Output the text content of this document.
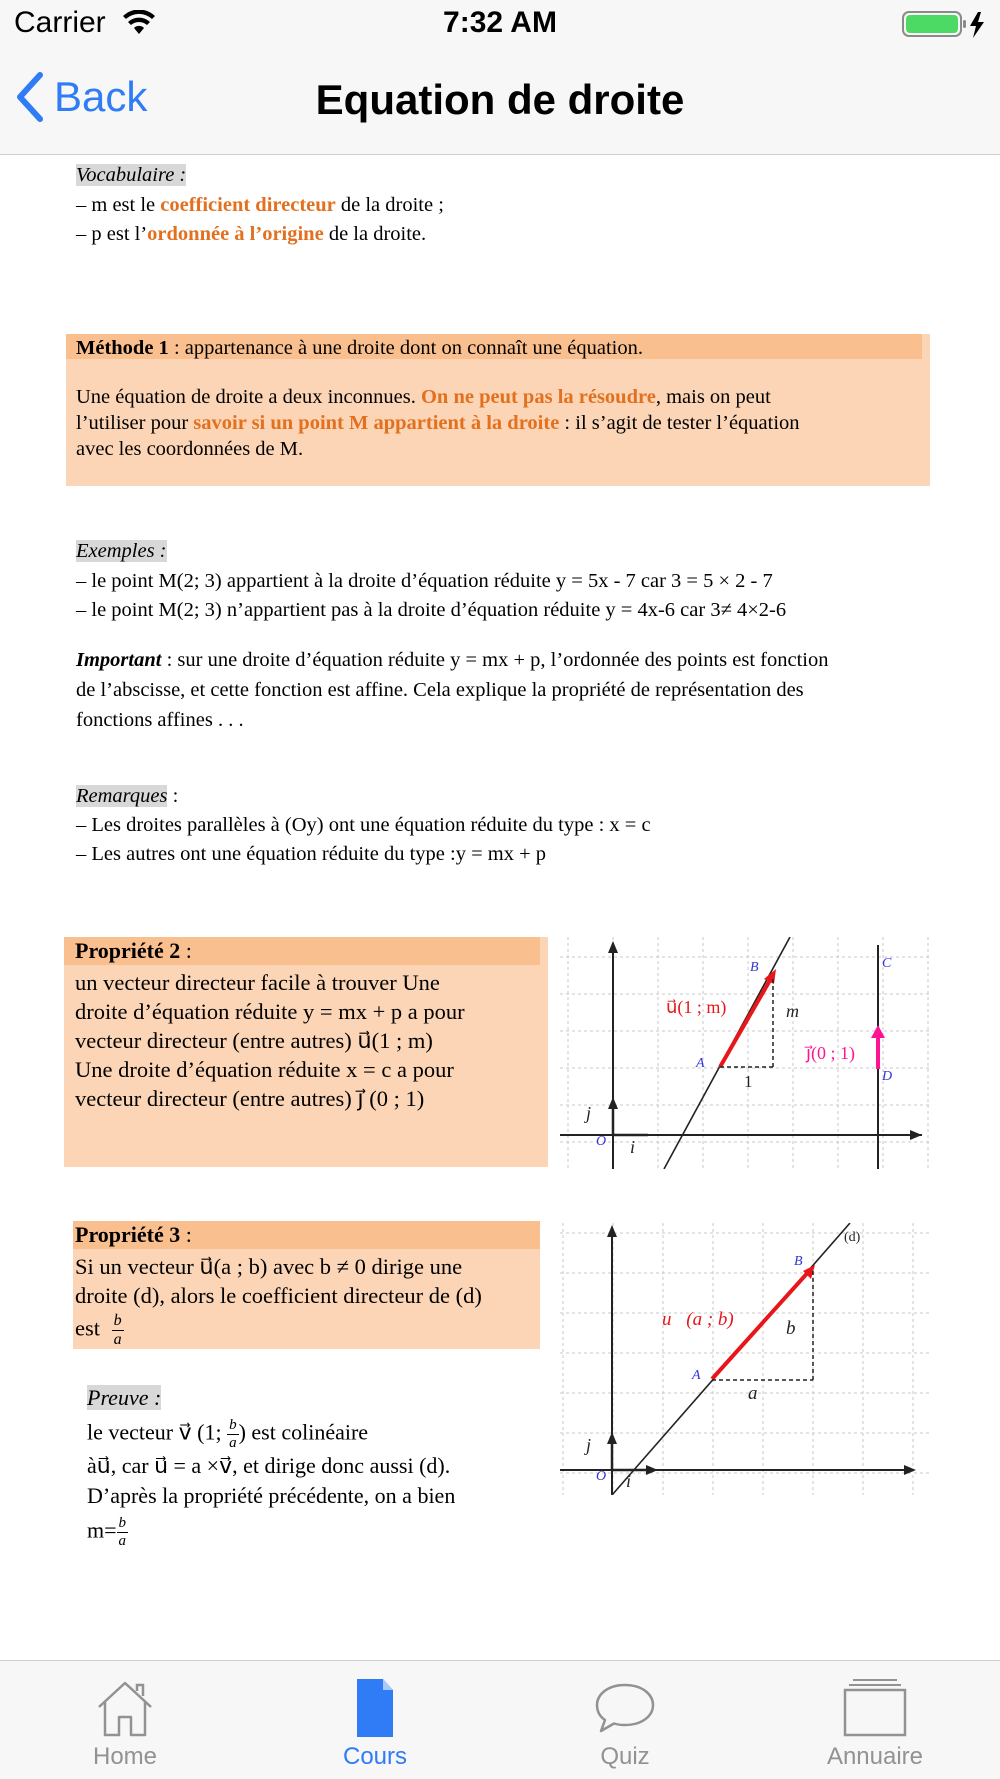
Carrier	7:32 AM
Back	Equation de droite
Vocabulaire :
– m est le coefficient directeur de la droite ;
– p est l’ordonnée à l’origine de la droite.
Méthode 1 : appartenance à une droite dont on connaît une équation.
Une équation de droite a deux inconnues. On ne peut pas la résoudre, mais on peut
l’utiliser pour savoir si un point M appartient à la droite : il s’agit de tester l’équation
avec les coordonnées de M.
Exemples :
– le point M(2; 3) appartient à la droite d’équation réduite y = 5x - 7 car 3 = 5 × 2 - 7
– le point M(2; 3) n’appartient pas à la droite d’équation réduite y = 4x-6 car 3≠ 4×2-6
Important : sur une droite d’équation réduite y = mx + p, l’ordonnée des points est fonction
de l’abscisse, et cette fonction est affine. Cela explique la propriété de représentation des
fonctions affines . . .
Remarques :
– Les droites parallèles à (Oy) ont une équation réduite du type : x = c
– Les autres ont une équation réduite du type :y = mx + p
Propriété 2 :
un vecteur directeur facile à trouver Une
droite d’équation réduite y = mx + p a pour
vecteur directeur (entre autres) u⃗(1 ; m)
Une droite d’équation réduite x = c a pour
vecteur directeur (entre autres) j⃗ (0 ; 1)
B	C
A
D
O i⃗
j⃗
u⃗(1 ; m)	m
1
j⃗(0 ; 1)
Propriété 3 :
Si un vecteur u⃗(a ; b) avec b ≠ 0 dirige une
droite (d), alors le coefficient directeur de (d)
est $\frac{b}{a}$
Preuve :
le vecteur v⃗ (1; $\frac{b}{a}$ ) est colinéaire
àu⃗, car u⃗ = a ×v⃗, et dirige donc aussi (d).
D’après la propriété précédente, on a bien
$m= \frac{b}{a}$
(d)
B
A
O i⃗
j⃗
u⃗(a ; b)	b
a
Home	Cours	Quiz	Annuaire
